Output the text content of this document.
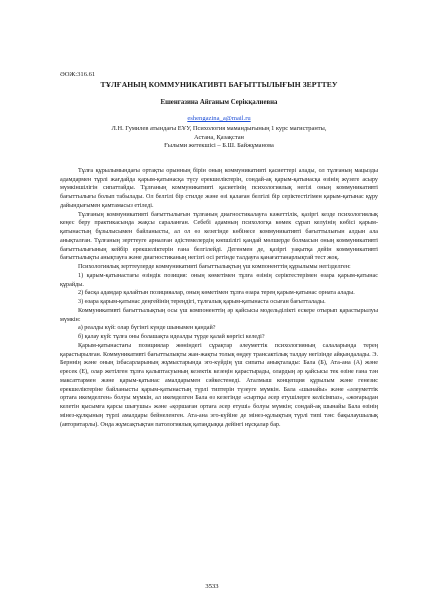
ӘОЖ:316.61

ТҰЛҒАНЫҢ КОММУНИКАТИВТІ БАҒЫТТЫЛЫҒЫН ЗЕРТТЕУ

Ешенгазина Айганым Серікқалиевна

eshengazina_a@mail.ru

Л.Н. Гумилев атындағы ЕҰУ, Психология мамандығының 1 курс магистранты,

Астана, Қазақстан

Ғылыми жетекшісі – Б.Ш. Байжұманова

Тұлға құрылымындағы ортақты орынның бірін оның коммуникативті қасиеттері алады, ол тұлғаның мацызды адамдармен тұрлі жағдайда қарым-қатынасқа түсу ерекшеліктерін, сондай-ақ қарым-қатынасқа өзінің жүзеге асыру мүмкіншілігін сипаттайды. Тұлғаның коммуникативті қасиетінің психологиялық негізі оның коммуникативті бағыттылығы болып табылады. Ол белгілі бір стилде және өзі қалаған белгілі бір серіктестігімен қарым-қатынас құру дайындығымен қамтамасыз етіледі.

Тұлғаның коммуникативті бағыттылығын тұлғаның диагностикалауға кәжеттілік, қазіргі кезде психологиялық кеңес беру практикасында жақсы сараланған. Себебі адамның психологқа көмек сұрап келуінің көбісі қарым-қатынастың бұзылысымен байланысты, ал ол өз кезегінде көбінесе коммуникативті бағыттылығын алдын ала анықталған. Тұлғаның зерттеуге арналған әдістемелердің көпшілігі қандай мөлшерде болмасын оның коммуникативті бағыттылығының кейбір ерекшеліктерін ғана белгілейді. Дегенмен де, қазіргі уақытқа дейін коммуникативті бағыттылықты анықтауға және диагностиканың негізгі осі ретінде талдауға қанағаттанарлықтай тест жоқ.

Психологиялық зерттеулерде коммуникативті бағыттылықтың үш компоненттің құрылымы негізделген:

1) қарым-қатынастағы өзіндік позиция: оның көметімен тұлға өзінің серіктестерімен өзара қарым-қатынас құрайды.

2) басқа адамдар қалайтын позицияалар, оның көметімен тұлға өзара терең қарым-қатынас орната алады.

3) өзара қарым-қатынас деңгейінің тереңдігі, тұлғалық қарым-қатынаста осыған бағытталады.

Коммуникативті бағыттылықтың осы үш компоненттің әр қайсысы модельділікті ескере отырып қарастырылуы мүмкін:

а) реалды күй: олар бүгінгі күнде шынымен қандай?

б) қалау күй: тұлға оны болашақта идеалды түрде қалай көргісі келеді?

Қарым-қатынастағы позициялар жөніндегі сұрақтар әлеуметтік психологияның салаларында терең қарастырылған. Коммуникативті бағыттылықты жан-жақты толық өңдеу трансактілық талдау негізінде айқындалады. Э. Берннің және оның ізбасарларының жұмыстарында эго-күйдің үш сипаты анықталады: Бала (Б), Ата-ана (А) және ересек (Е), олар жетілген тұлға қалыптасуының кезектік кезеңін қарастырады, олардың әр қайсысы тек өзіне ғана тән максаттармен және қарым-қатынас амалдарымен сәйкестенеді. Аталмыш концепция құрылым және генезис ерекшеліктеріне байланысты қарым-қатынастың түрлі типтерін түзеуге мүмкін. Бала «шынайы» және «әлеуметтік ортаға икемделген» болуы мүмкін, ал икемделген Бала өз кезегінде «сыртқы әсер етушілерге келісімпаз», «жоғарыдан келетін қысымға қарсы шығушы» және «қоршаған ортаға әсер етуші» болуы мүмкін; сондай-ақ шынайы Бала өзінің мінез-құлқының түрлі амалдары бейнеленген. Ата-ана эго-күйіне де мінез-құлықтың түрлі типі тән: бақылаушылық (авторитарлы). Онда жұмсақтықтан патологиялық қатаңдыққа дейінгі нұсқалар бар.

3533
